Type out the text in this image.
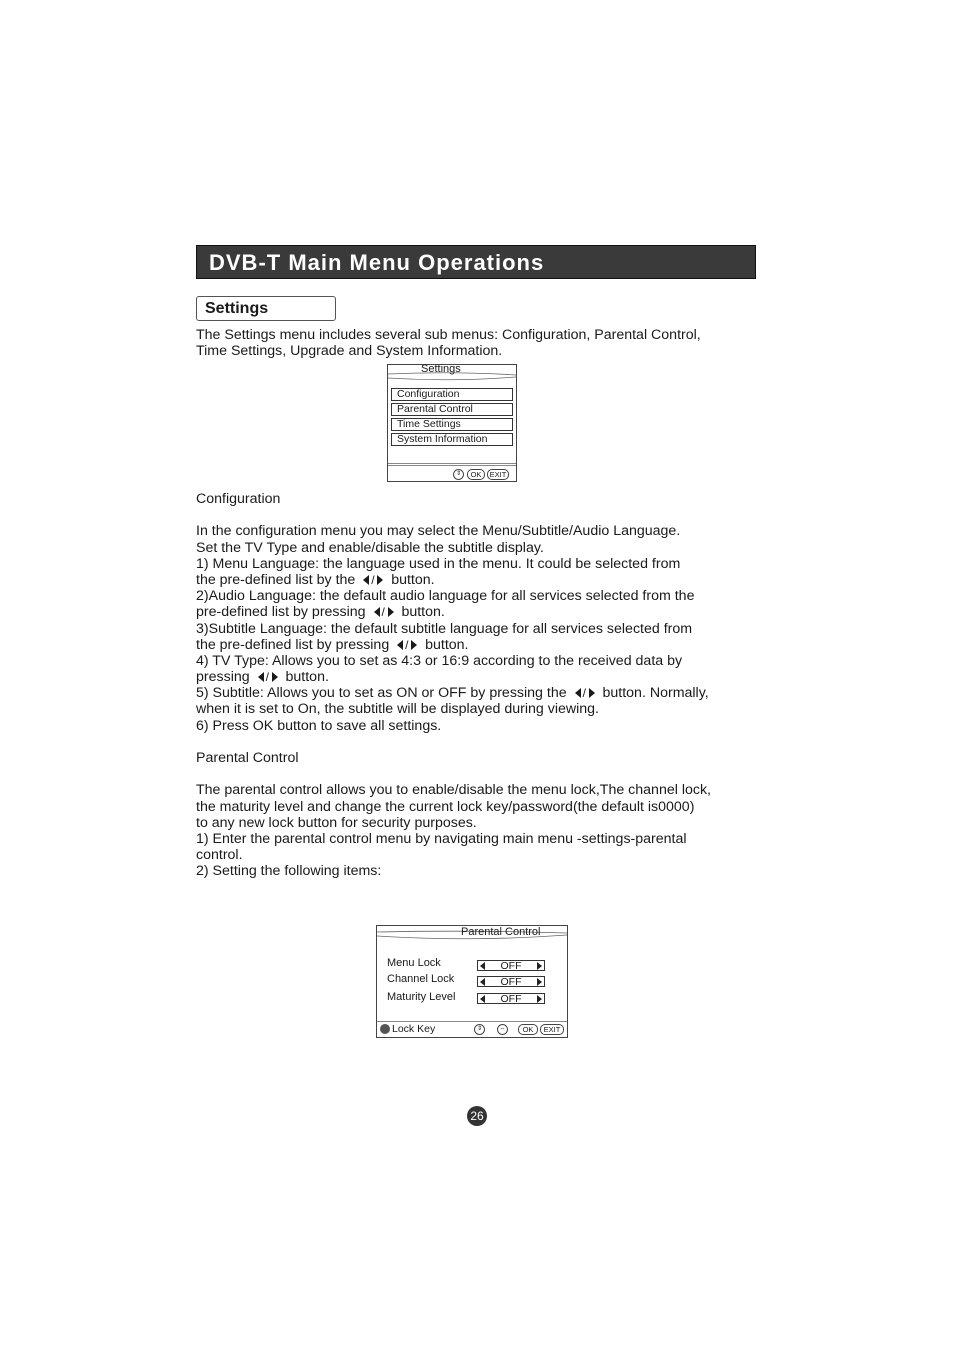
DVB-T Main Menu Operations
Settings
The Settings menu includes several sub menus: Configuration, Parental Control,
Time Settings, Upgrade and System Information.
Settings
Configuration
Parental Control
Time Settings
System Information
⇕	OK	EXIT
Configuration
In the configuration menu you may select the Menu/Subtitle/Audio Language.
Set the TV Type and enable/disable the subtitle display.
1) Menu Language: the language used in the menu. It could be selected from
the pre-defined list by the / button.
2)Audio Language: the default audio language for all services selected from the
pre-defined list by pressing / button.
3)Subtitle Language: the default subtitle language for all services selected from
the pre-defined list by pressing / button.
4) TV Type: Allows you to set as 4:3 or 16:9 according to the received data by
pressing / button.
5) Subtitle: Allows you to set as ON or OFF by pressing the / button. Normally,
when it is set to On, the subtitle will be displayed during viewing.
6) Press OK button to save all settings.
Parental Control
The parental control allows you to enable/disable the menu lock,The channel lock,
the maturity level and change the current lock key/password(the default is0000)
to any new lock button for security purposes.
1) Enter the parental control menu by navigating main menu -settings-parental
control.
2) Setting the following items:
Parental Control
Menu Lock	OFF
Channel Lock	OFF
Maturity Level	OFF
Lock Key	⇕	⇔	OK	EXIT
26
